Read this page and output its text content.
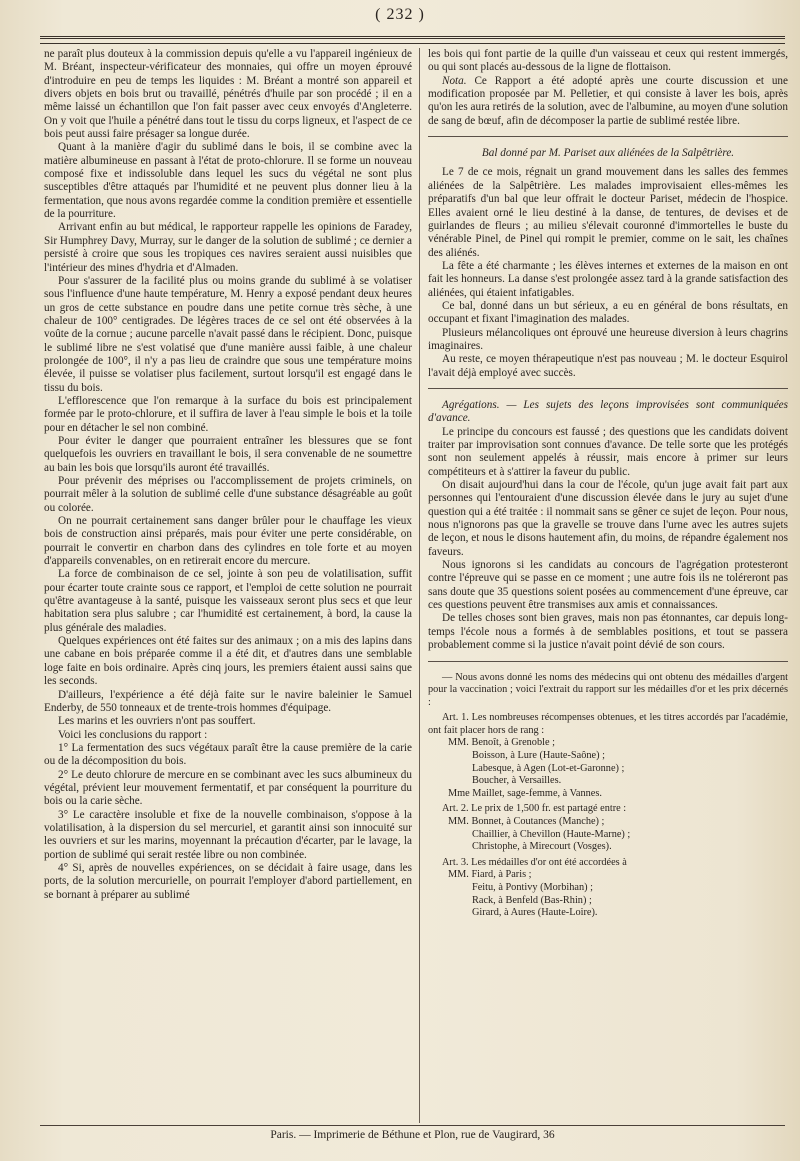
( 232 )

ne paraît plus douteux à la commission depuis qu'elle a vu l'appareil ingénieux de M. Bréant, inspecteur-vérificateur des monnaies, qui offre un moyen éprouvé d'introduire en peu de temps les liquides : M. Bréant a montré son appareil et divers objets en bois brut ou travaillé, pénétrés d'huile par son procédé ; il en a même laissé un échantillon que l'on fait passer avec ceux envoyés d'Angleterre. On y voit que l'huile a pénétré dans tout le tissu du corps ligneux, et l'aspect de ce bois peut aussi faire présager sa longue durée.

Quant à la manière d'agir du sublimé dans le bois, il se combine avec la matière albumineuse en passant à l'état de proto-chlorure. Il se forme un nouveau composé fixe et indissoluble dans lequel les sucs du végétal ne sont plus susceptibles d'être attaqués par l'humidité et ne peuvent plus donner lieu à la fermentation, que nous avons regardée comme la condition première et essentielle de la pourriture.

Arrivant enfin au but médical, le rapporteur rappelle les opinions de Faradey, Sir Humphrey Davy, Murray, sur le danger de la solution de sublimé ; ce dernier a persisté à croire que sous les tropiques ces navires seraient aussi nuisibles que l'intérieur des mines d'hydria et d'Almaden.

Pour s'assurer de la facilité plus ou moins grande du sublimé à se volatiser sous l'influence d'une haute température, M. Henry a exposé pendant deux heures un gros de cette substance en poudre dans une petite cornue très sèche, à une chaleur de 100° centigrades. De légères traces de ce sel ont été observées à la voûte de la cornue ; aucune parcelle n'avait passé dans le récipient. Donc, puisque le sublimé libre ne s'est volatisé que d'une manière aussi faible, à une chaleur prolongée de 100°, il n'y a pas lieu de craindre que sous une température moins élevée, il puisse se volatiser plus facilement, surtout lorsqu'il est engagé dans le tissu du bois.

L'efflorescence que l'on remarque à la surface du bois est principalement formée par le proto-chlorure, et il suffira de laver à l'eau simple le bois et la toile pour en détacher le sel non combiné.

Pour éviter le danger que pourraient entraîner les blessures que se font quelquefois les ouvriers en travaillant le bois, il sera convenable de ne soumettre au bain les bois que lorsqu'ils auront été travaillés.

Pour prévenir des méprises ou l'accomplissement de projets criminels, on pourrait mêler à la solution de sublimé celle d'une substance désagréable au goût ou colorée.

On ne pourrait certainement sans danger brûler pour le chauffage les vieux bois de construction ainsi préparés, mais pour éviter une perte considérable, on pourrait le convertir en charbon dans des cylindres en tole forte et au moyen d'appareils convenables, on en retirerait encore du mercure.

La force de combinaison de ce sel, jointe à son peu de volatilisation, suffit pour écarter toute crainte sous ce rapport, et l'emploi de cette solution ne pourrait qu'être avantageuse à la santé, puisque les vaisseaux seront plus secs et que leur habitation sera plus salubre ; car l'humidité est certainement, à bord, la cause la plus générale des maladies.

Quelques expériences ont été faites sur des animaux ; on a mis des lapins dans une cabane en bois préparée comme il a été dit, et d'autres dans une semblable loge faite en bois ordinaire. Après cinq jours, les premiers étaient aussi sains que les seconds.

D'ailleurs, l'expérience a été déjà faite sur le navire baleinier le Samuel Enderby, de 550 tonneaux et de trente-trois hommes d'équipage.

Les marins et les ouvriers n'ont pas souffert.

Voici les conclusions du rapport :

1° La fermentation des sucs végétaux paraît être la cause première de la carie ou de la décomposition du bois.

2° Le deuto chlorure de mercure en se combinant avec les sucs albumineux du végétal, prévient leur mouvement fermentatif, et par conséquent la pourriture du bois ou la carie sèche.

3° Le caractère insoluble et fixe de la nouvelle combinaison, s'oppose à la volatilisation, à la dispersion du sel mercuriel, et garantit ainsi son innocuité sur les ouvriers et sur les marins, moyennant la précaution d'écarter, par le lavage, la portion de sublimé qui serait restée libre ou non combinée.

4° Si, après de nouvelles expériences, on se décidait à faire usage, dans les ports, de la solution mercurielle, on pourrait l'employer d'abord partiellement, en se bornant à préparer au sublimé

les bois qui font partie de la quille d'un vaisseau et ceux qui restent immergés, ou qui sont placés au-dessous de la ligne de flottaison.

Nota. Ce Rapport a été adopté après une courte discussion et une modification proposée par M. Pelletier, et qui consiste à laver les bois, après qu'on les aura retirés de la solution, avec de l'albumine, au moyen d'une solution de sang de bœuf, afin de décomposer la partie de sublimé restée libre.

Bal donné par M. Pariset aux aliénées de la Salpêtrière.

Le 7 de ce mois, régnait un grand mouvement dans les salles des femmes aliénées de la Salpêtrière. Les malades improvisaient elles-mêmes les préparatifs d'un bal que leur offrait le docteur Pariset, médecin de l'hospice. Elles avaient orné le lieu destiné à la danse, de tentures, de devises et de guirlandes de fleurs ; au milieu s'élevait couronné d'immortelles le buste du vénérable Pinel, de Pinel qui rompit le premier, comme on le sait, les chaînes des aliénés.

La fête a été charmante ; les élèves internes et externes de la maison en ont fait les honneurs. La danse s'est prolongée assez tard à la grande satisfaction des aliénées, qui étaient infatigables.

Ce bal, donné dans un but sérieux, a eu en général de bons résultats, en occupant et fixant l'imagination des malades.

Plusieurs mélancoliques ont éprouvé une heureuse diversion à leurs chagrins imaginaires.

Au reste, ce moyen thérapeutique n'est pas nouveau ; M. le docteur Esquirol l'avait déjà employé avec succès.

Agrégations. — Les sujets des leçons improvisées sont communiquées d'avance.

Le principe du concours est faussé ; des questions que les candidats doivent traiter par improvisation sont connues d'avance. De telle sorte que les protégés sont non seulement appelés à réussir, mais encore à primer sur leurs compétiteurs et à s'attirer la faveur du public.

On disait aujourd'hui dans la cour de l'école, qu'un juge avait fait part aux personnes qui l'entouraient d'une discussion élevée dans le jury au sujet d'une question qui a été traitée : il nommait sans se gêner ce sujet de leçon. Pour nous, nous n'ignorons pas que la gravelle se trouve dans l'urne avec les autres sujets de leçon, et nous le disons hautement afin, du moins, de répandre également nos faveurs.

Nous ignorons si les candidats au concours de l'agrégation protesteront contre l'épreuve qui se passe en ce moment ; une autre fois ils ne toléreront pas sans doute que 35 questions soient posées au commencement d'une épreuve, car ces questions peuvent être transmises aux amis et connaissances.

De telles choses sont bien graves, mais non pas étonnantes, car depuis long-temps l'école nous a formés à de semblables positions, et tout se passera probablement comme si la justice n'avait point dévié de son cours.

— Nous avons donné les noms des médecins qui ont obtenu des médailles d'argent pour la vaccination ; voici l'extrait du rapport sur les médailles d'or et les prix décernés :

Art. 1. Les nombreuses récompenses obtenues, et les titres accordés par l'académie, ont fait placer hors de rang :

MM. Benoît, à Grenoble ;

Boisson, à Lure (Haute-Saône) ;

Labesque, à Agen (Lot-et-Garonne) ;

Boucher, à Versailles.

Mme Maillet, sage-femme, à Vannes.

Art. 2. Le prix de 1,500 fr. est partagé entre :

MM. Bonnet, à Coutances (Manche) ;

Chaillier, à Chevillon (Haute-Marne) ;

Christophe, à Mirecourt (Vosges).

Art. 3. Les médailles d'or ont été accordées à

MM. Fiard, à Paris ;

Feitu, à Pontivy (Morbihan) ;

Rack, à Benfeld (Bas-Rhin) ;

Girard, à Aures (Haute-Loire).

Paris. — Imprimerie de Béthune et Plon, rue de Vaugirard, 36
